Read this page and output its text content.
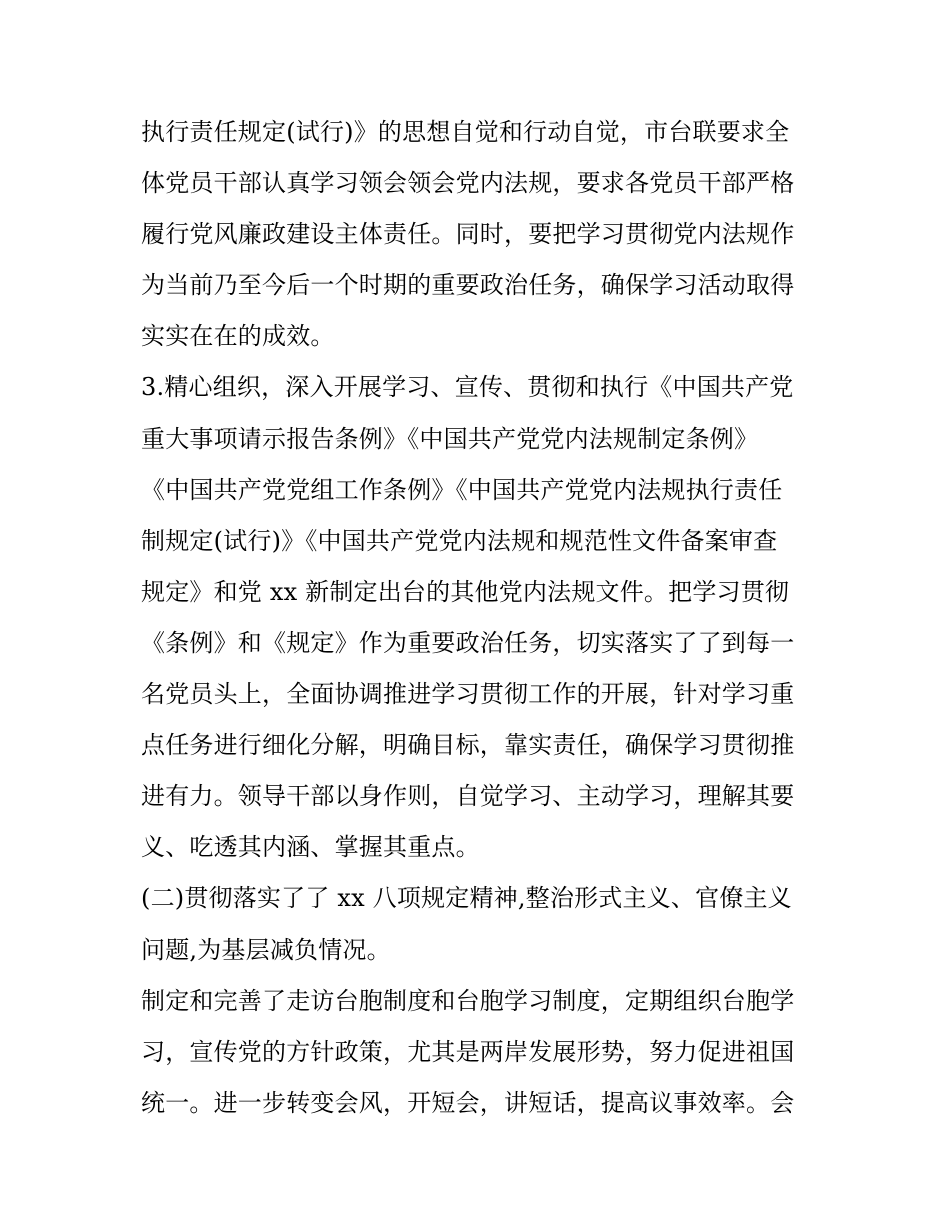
执行责任规定(试行)》的思想自觉和行动自觉，市台联要求全
体党员干部认真学习领会领会党内法规，要求各党员干部严格
履行党风廉政建设主体责任。同时，要把学习贯彻党内法规作
为当前乃至今后一个时期的重要政治任务，确保学习活动取得
实实在在的成效。
3.精心组织，深入开展学习、宣传、贯彻和执行《中国共产党
重大事项请示报告条例》《中国共产党党内法规制定条例》
《中国共产党党组工作条例》《中国共产党党内法规执行责任
制规定(试行)》《中国共产党党内法规和规范性文件备案审查
规定》和党 xx 新制定出台的其他党内法规文件。把学习贯彻
《条例》和《规定》作为重要政治任务，切实落实了了到每一
名党员头上，全面协调推进学习贯彻工作的开展，针对学习重
点任务进行细化分解，明确目标，靠实责任，确保学习贯彻推
进有力。领导干部以身作则，自觉学习、主动学习，理解其要
义、吃透其内涵、掌握其重点。
(二)贯彻落实了了 xx 八项规定精神,整治形式主义、官僚主义
问题,为基层减负情况。
制定和完善了走访台胞制度和台胞学习制度，定期组织台胞学
习，宣传党的方针政策，尤其是两岸发展形势，努力促进祖国
统一。进一步转变会风，开短会，讲短话，提高议事效率。会
